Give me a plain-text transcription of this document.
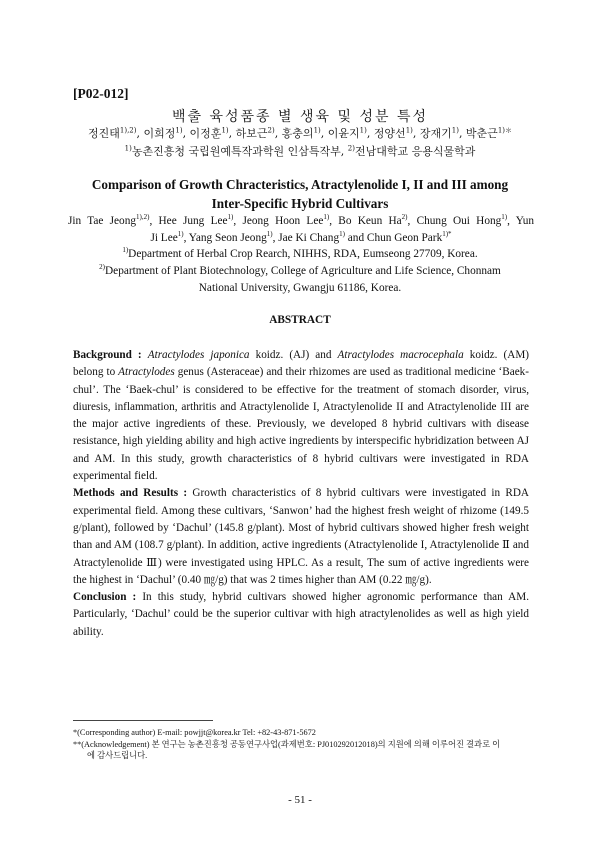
[P02-012]
백출 육성품종 별 생육 및 성분 특성
정진태$^{1),2)}$, 이희정$^{1)}$, 이정훈$^{1)}$, 하보근$^{2)}$, 홍충의$^{1)}$, 이윤지$^{1)}$, 정양선$^{1)}$, 장재기$^{1)}$, 박춘근$^{1)*}$
$^{1)}$농촌진흥청 국립원예특작과학원 인삼특작부, $^{2)}$전남대학교 응용식물학과
Comparison of Growth Chracteristics, Atractylenolide I, II and III among
Inter-Specific Hybrid Cultivars
Jin Tae Jeong$^{1),2)}$, Hee Jung Lee$^{1)}$, Jeong Hoon Lee$^{1)}$, Bo Keun Ha$^{2)}$, Chung Oui Hong$^{1)}$, Yun
Ji Lee$^{1)}$, Yang Seon Jeong$^{1)}$, Jae Ki Chang$^{1)}$ and Chun Geon Park$^{1)*}$
$^{1)}$Department of Herbal Crop Rearch, NIHHS, RDA, Eumseong 27709, Korea.
$^{2)}$Department of Plant Biotechnology, College of Agriculture and Life Science, Chonnam
National University, Gwangju 61186, Korea.
ABSTRACT

Background : Atractylodes japonica koidz. (AJ) and Atractylodes macrocephala koidz. (AM) belong to Atractylodes genus (Asteraceae) and their rhizomes are used as traditional medicine ‘Baek-chul’. The ‘Baek-chul’ is considered to be effective for the treatment of stomach disorder, virus, diuresis, inflammation, arthritis and Atractylenolide I, Atractylenolide II and Atractylenolide III are the major active ingredients of these. Previously, we developed 8 hybrid cultivars with disease resistance, high yielding ability and high active ingredients by interspecific hybridization between AJ and AM. In this study, growth characteristics of 8 hybrid cultivars were investigated in RDA experimental field.

Methods and Results : Growth characteristics of 8 hybrid cultivars were investigated in RDA experimental field. Among these cultivars, ‘Sanwon’ had the highest fresh weight of rhizome (149.5 g/plant), followed by ‘Dachul’ (145.8 g/plant). Most of hybrid cultivars showed higher fresh weight than and AM (108.7 g/plant). In addition, active ingredients (Atractylenolide I, Atractylenolide Ⅱ and Atractylenolide Ⅲ) were investigated using HPLC. As a result, The sum of active ingredients were the highest in ‘Dachul’ (0.40 ㎎/g) that was 2 times higher than AM (0.22 ㎎/g).

Conclusion : In this study, hybrid cultivars showed higher agronomic performance than AM. Particularly, ‘Dachul’ could be the superior cultivar with high atractylenolides as well as high yield ability.

*(Corresponding author) E-mail: powjjt@korea.kr Tel: +82-43-871-5672

**(Acknowledgement) 본 연구는 농촌진흥청 공동연구사업(과제번호: PJ010292012018)의 지원에 의해 이루어진 결과로 이
에 감사드립니다.

- 51 -
